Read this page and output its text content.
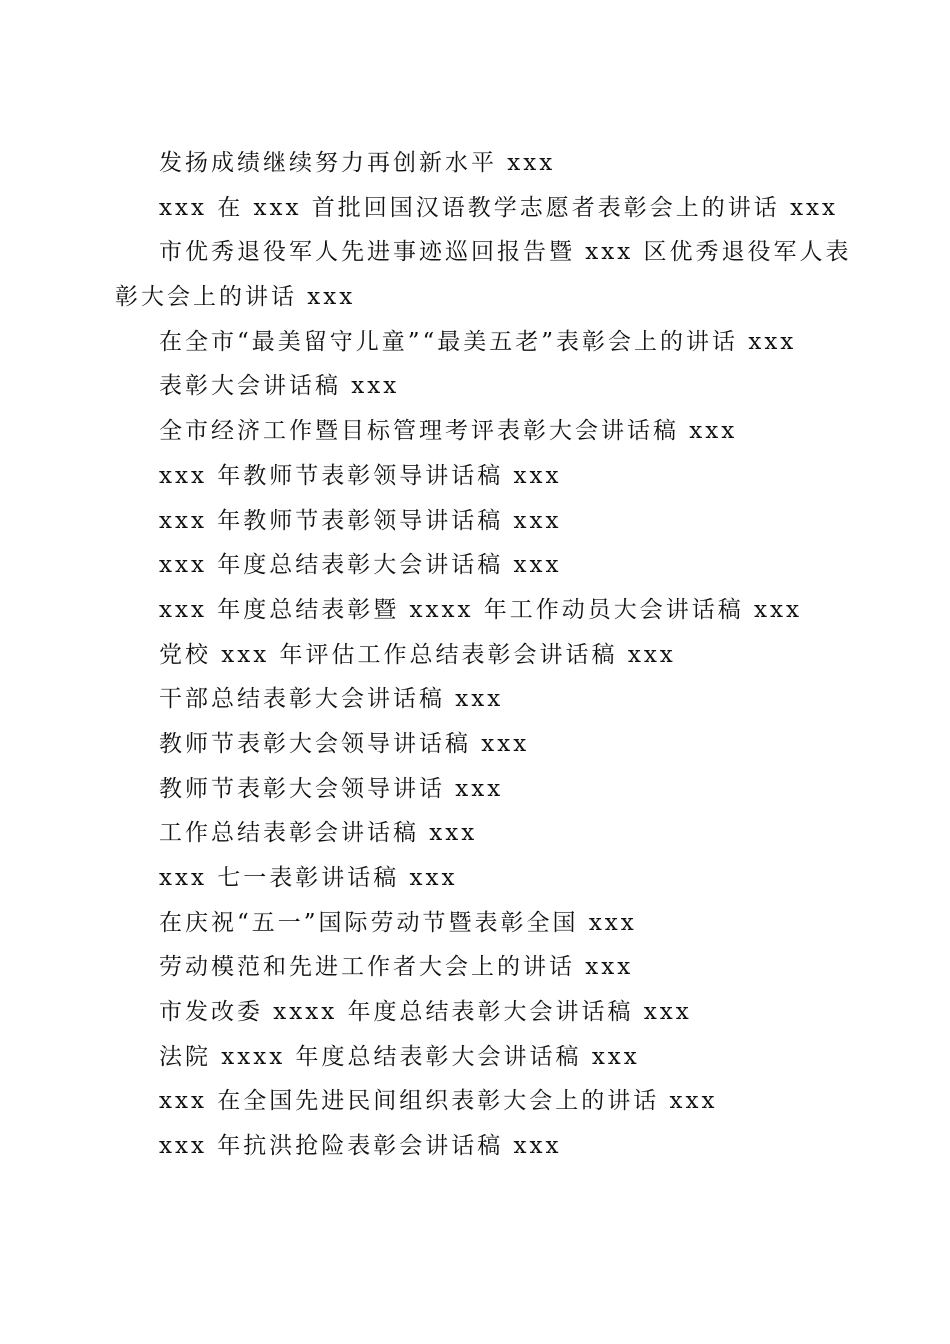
发扬成绩继续努力再创新水平 xxx
xxx 在 xxx 首批回国汉语教学志愿者表彰会上的讲话 xxx
市优秀退役军人先进事迹巡回报告暨 xxx 区优秀退役军人表
彰大会上的讲话 xxx
在全市“最美留守儿童”“最美五老”表彰会上的讲话 xxx
表彰大会讲话稿 xxx
全市经济工作暨目标管理考评表彰大会讲话稿 xxx
xxx 年教师节表彰领导讲话稿 xxx
xxx 年教师节表彰领导讲话稿 xxx
xxx 年度总结表彰大会讲话稿 xxx
xxx 年度总结表彰暨 xxxx 年工作动员大会讲话稿 xxx
党校 xxx 年评估工作总结表彰会讲话稿 xxx
干部总结表彰大会讲话稿 xxx
教师节表彰大会领导讲话稿 xxx
教师节表彰大会领导讲话 xxx
工作总结表彰会讲话稿 xxx
xxx 七一表彰讲话稿 xxx
在庆祝“五一”国际劳动节暨表彰全国 xxx
劳动模范和先进工作者大会上的讲话 xxx
市发改委 xxxx 年度总结表彰大会讲话稿 xxx
法院 xxxx 年度总结表彰大会讲话稿 xxx
xxx 在全国先进民间组织表彰大会上的讲话 xxx
xxx 年抗洪抢险表彰会讲话稿 xxx
